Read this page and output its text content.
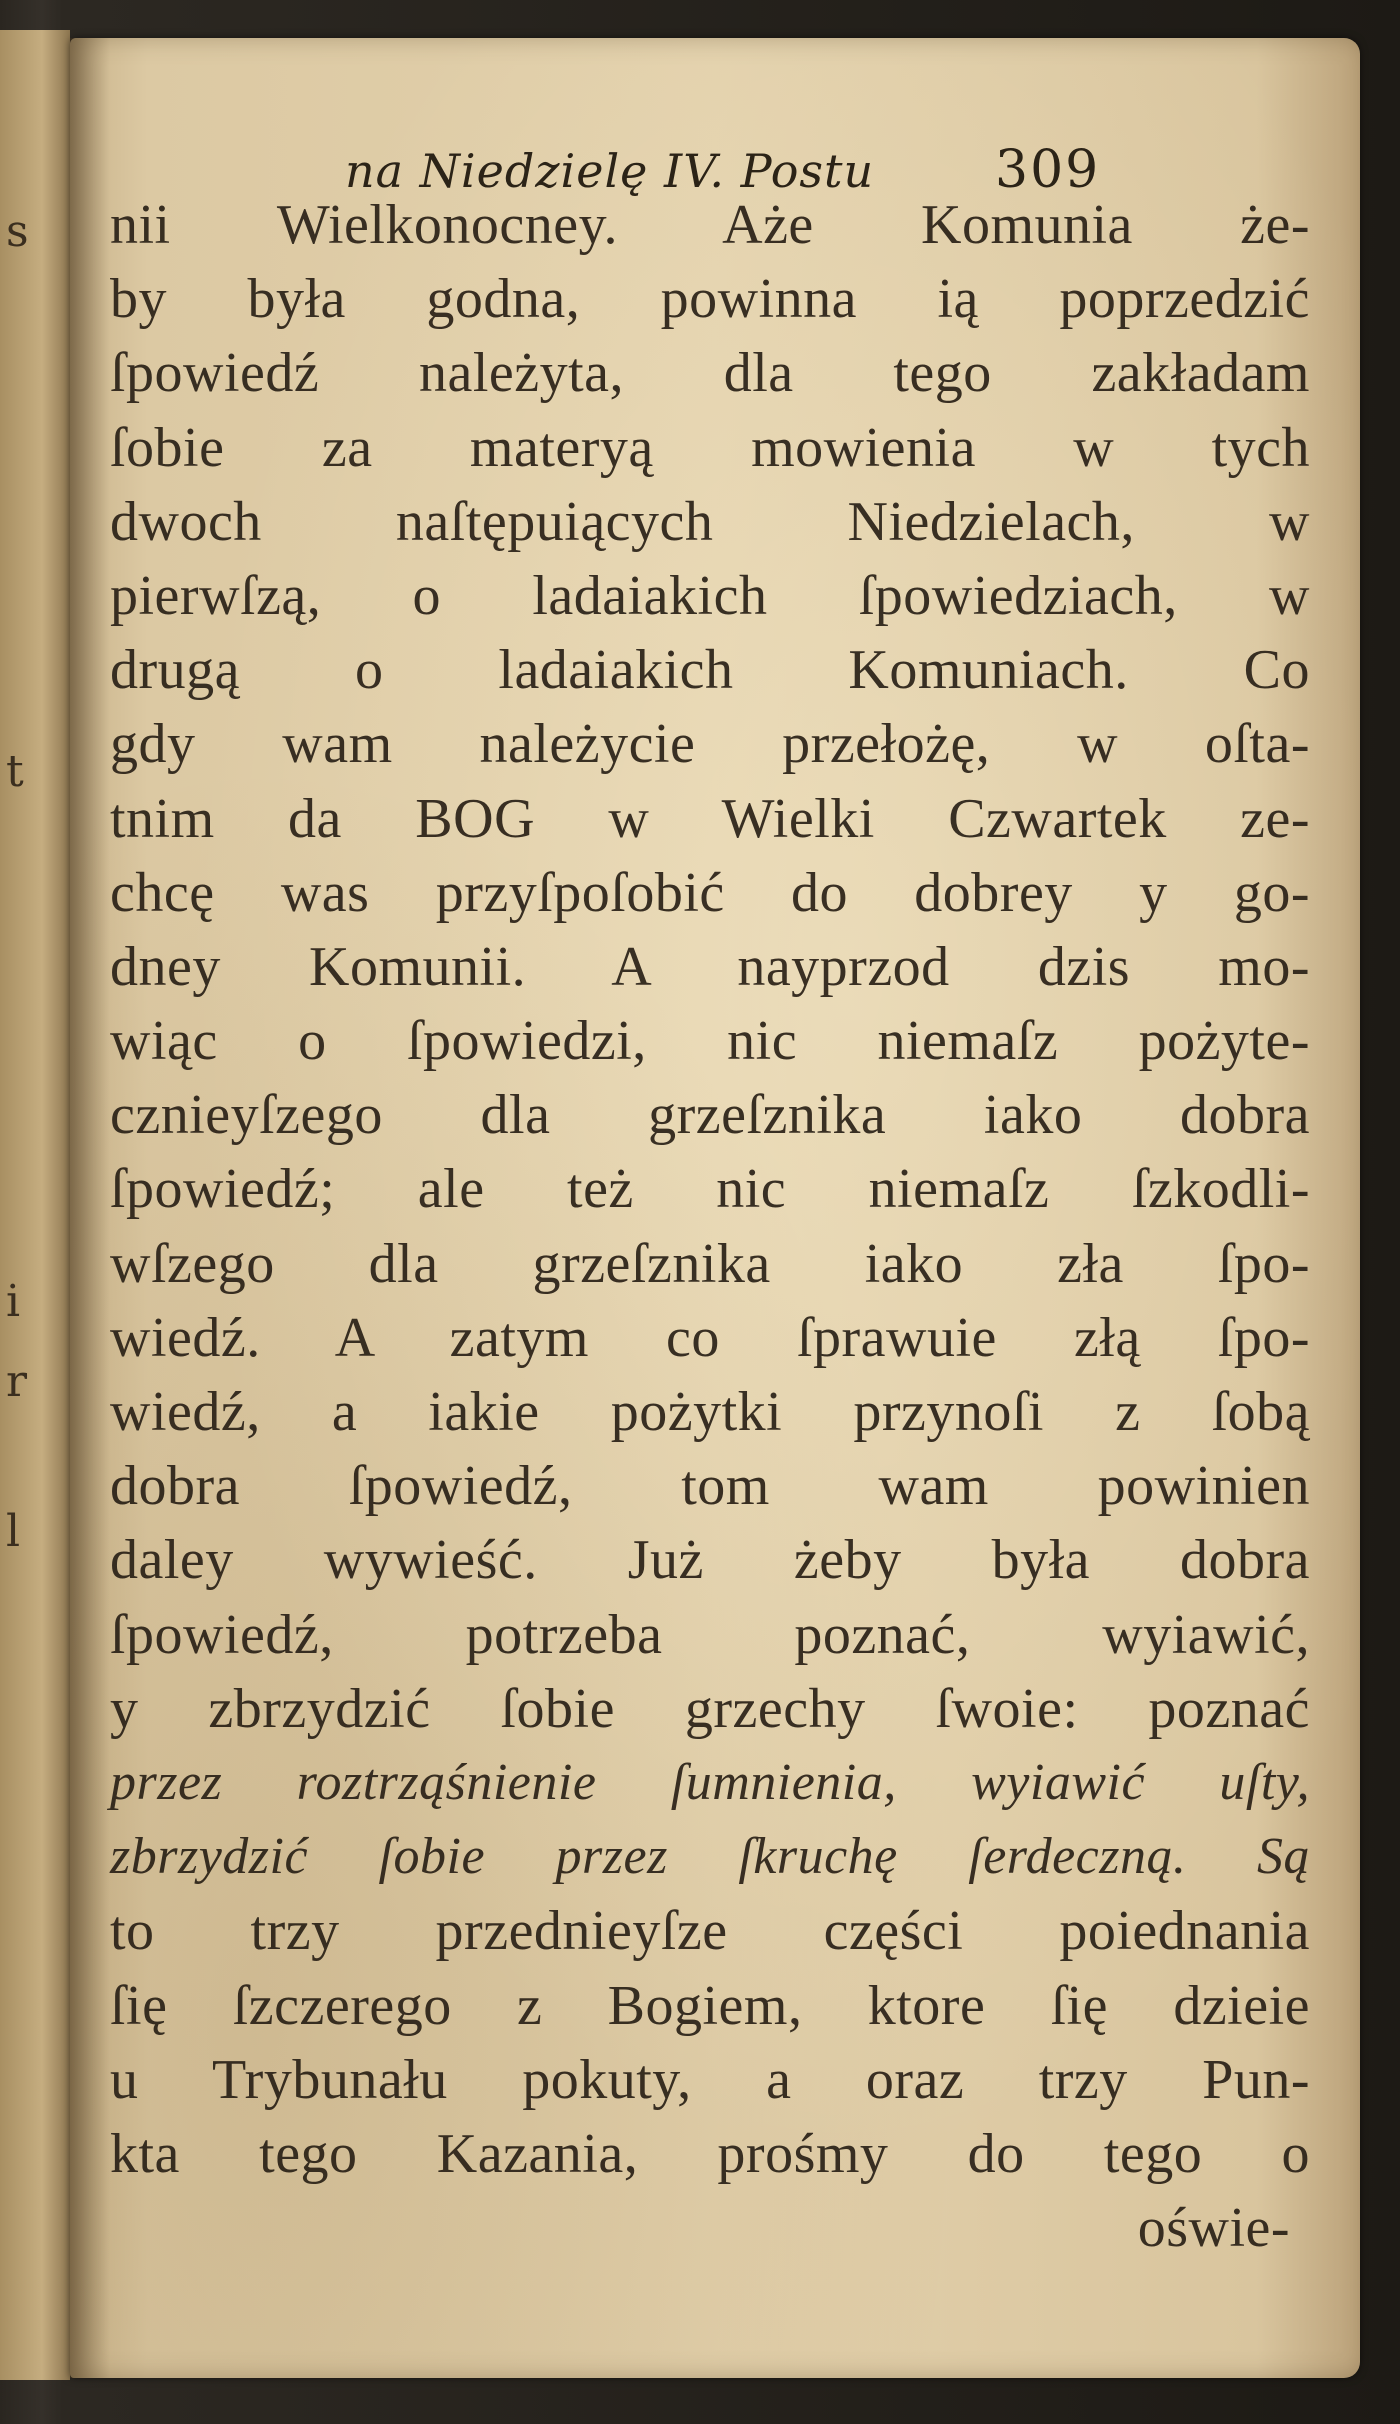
s
t
i
r
l
na Niedzielę IV. Postu 309
nii Wielkonocney. Aże Komunia że-
by była godna, powinna ią poprzedzić
ſpowiedź należyta, dla tego zakładam
ſobie za materyą mowienia w tych
dwoch naſtępuiących Niedzielach, w
pierwſzą, o ladaiakich ſpowiedziach, w
drugą o ladaiakich Komuniach. Co
gdy wam należycie przełożę, w oſta-
tnim da BOG w Wielki Czwartek ze-
chcę was przyſpoſobić do dobrey y go-
dney Komunii. A nayprzod dzis mo-
wiąc o ſpowiedzi, nic niemaſz pożyte-
cznieyſzego dla grzeſznika iako dobra
ſpowiedź; ale też nic niemaſz ſzkodli-
wſzego dla grzeſznika iako zła ſpo-
wiedź. A zatym co ſprawuie złą ſpo-
wiedź, a iakie pożytki przynoſi z ſobą
dobra ſpowiedź, tom wam powinien
daley wywieść. Już żeby była dobra
ſpowiedź, potrzeba poznać, wyiawić,
y zbrzydzić ſobie grzechy ſwoie: poznać
przez roztrząśnienie ſumnienia, wyiawić uſty,
zbrzydzić ſobie przez ſkruchę ſerdeczną. Są
to trzy przednieyſze części poiednania
ſię ſzczerego z Bogiem, ktore ſię dzieie
u Trybunału pokuty, a oraz trzy Pun-
kta tego Kazania, prośmy do tego o
oświe-
